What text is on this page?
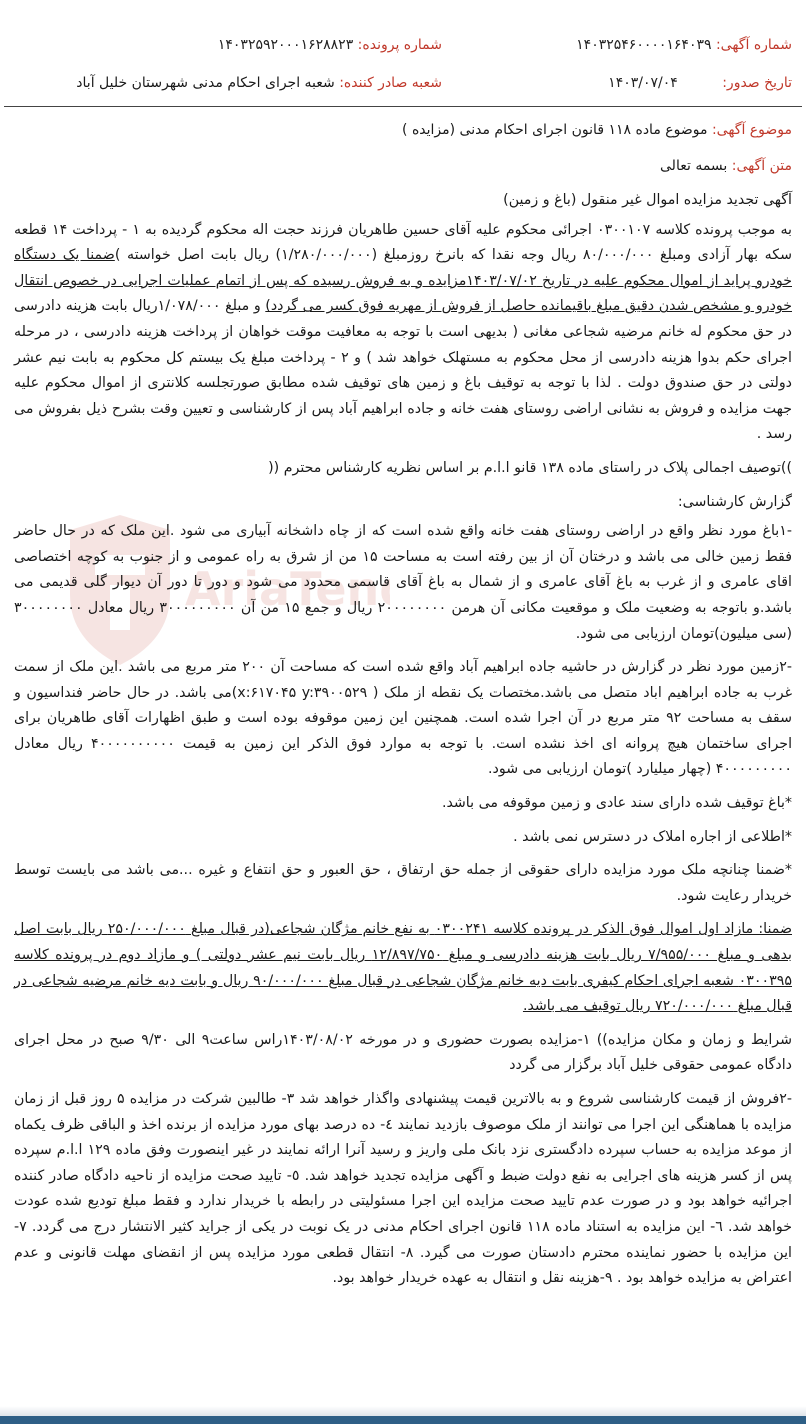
شماره آگهی: ۱۴۰۳۲۵۴۶۰۰۰۰۱۶۴۰۳۹
شماره پرونده: ۱۴۰۳۲۵۹۲۰۰۰۱۶۲۸۸۲۳
تاریخ صدور: ۱۴۰۳/۰۷/۰۴
شعبه صادر کننده: شعبه اجرای احکام مدنی شهرستان خلیل آباد
موضوع آگهی: موضوع ماده ۱۱۸ قانون اجرای احکام مدنی (مزایده )
متن آگهی: بسمه تعالی
AriaTen

آگهی تجدید مزایده اموال غیر منقول (باغ و زمین)

به موجب پرونده کلاسه ۰۳۰۰۱۰۷ اجرائی محکوم علیه آقای حسین طاهریان فرزند حجت اله محکوم گردیده به ۱ - پرداخت ۱۴ قطعه سکه بهار آزادی ومبلغ ۸۰/۰۰۰/۰۰۰ ریال وجه نقدا که بانرخ روزمبلغ (۱/۲۸۰/۰۰۰/۰۰۰) ریال بابت اصل خواسته )ضمنا یک دستگاه خودرو پراید از اموال محکوم علیه در تاریخ ۱۴۰۳/۰۷/۰۲مزایده و به فروش رسیده که پس از اتمام عملیات اجرایی در خصوص انتقال خودرو و مشخص شدن دقیق مبلغ باقیمانده حاصل از فروش از مهریه فوق کسر می گردد) و مبلغ ۱/۰۷۸/۰۰۰ریال بابت هزینه دادرسی در حق محکوم له خانم مرضیه شجاعی مغانی ( بدیهی است با توجه به معافیت موقت خواهان از پرداخت هزینه دادرسی ، در مرحله اجرای حکم بدوا هزینه دادرسی از محل محکوم به مستهلک خواهد شد ) و ۲ - پرداخت مبلغ یک بیستم کل محکوم به بابت نیم عشر دولتی در حق صندوق دولت . لذا با توجه به توقیف باغ و زمین های توقیف شده مطابق صورتجلسه کلانتری از اموال محکوم علیه جهت مزایده و فروش به نشانی اراضی روستای هفت خانه و جاده ابراهیم آباد پس از کارشناسی و تعیین وقت بشرح ذیل بفروش می رسد .

))توصیف اجمالی پلاک در راستای ماده ۱۳۸ قانو ا.ا.م بر اساس نظریه کارشناس محترم ((

گزارش کارشناسی:

-۱باغ مورد نظر واقع در اراضی روستای هفت خانه واقع شده است که از چاه داشخانه آبیاری می شود .این ملک که در حال حاضر فقط زمین خالی می باشد و درختان آن از بین رفته است به مساحت ۱۵ من از شرق به راه عمومی و از جنوب به کوچه اختصاصی اقای عامری و از غرب به باغ آقای عامری و از شمال به باغ آقای قاسمی محدود می شود و دور تا دور آن دیوار گلی قدیمی می باشد.و باتوجه به وضعیت ملک و موقعیت مکانی آن هرمن ۲۰۰۰۰۰۰۰۰ ریال و جمع ۱۵ من آن ۳۰۰۰۰۰۰۰۰۰ ریال معادل ۳۰۰۰۰۰۰۰۰ (سی میلیون)تومان ارزیابی می شود.

-۲زمین مورد نظر در گزارش در حاشیه جاده ابراهیم آباد واقع شده است که مساحت آن ۲۰۰ متر مربع می باشد .این ملک از سمت غرب به جاده ابراهیم اباد متصل می باشد.مختصات یک نقطه از ملک ( x:۶۱۷۰۴۵ y:۳۹۰۰۵۲۹)می باشد. در حال حاضر فنداسیون و سقف به مساحت ۹۲ متر مربع در آن اجرا شده است. همچنین این زمین موقوفه بوده است و طبق اظهارات آقای طاهریان برای اجرای ساختمان هیچ پروانه ای اخذ نشده است. با توجه به موارد فوق الذکر این زمین به قیمت ۴۰۰۰۰۰۰۰۰۰۰ ریال معادل ۴۰۰۰۰۰۰۰۰۰ (چهار میلیارد )تومان ارزیابی می شود.

*باغ توقیف شده دارای سند عادی و زمین موقوفه می باشد.

*اطلاعی از اجاره املاک در دسترس نمی باشد .

*ضمنا چنانچه ملک مورد مزایده دارای حقوقی از جمله حق ارتفاق ، حق العبور و حق انتفاع و غیره ...می باشد می بایست توسط خریدار رعایت شود.

ضمنا: مازاد اول اموال فوق الذکر در پرونده کلاسه ۰۳۰۰۲۴۱ به نفع خانم مژگان شجاعی(در قبال مبلغ ۲۵۰/۰۰۰/۰۰۰ ریال بابت اصل بدهی و مبلغ ۷/۹۵۵/۰۰۰ ریال بابت هزینه دادرسی و مبلغ ۱۲/۸۹۷/۷۵۰ ریال بابت نیم عشر دولتی ) و مازاد دوم در پرونده کلاسه ۰۳۰۰۳۹۵ شعبه اجرای احکام کیفری بابت دیه خانم مژگان شجاعی در قبال مبلغ ۹۰/۰۰۰/۰۰۰ ریال و بابت دیه خانم مرضیه شجاعی در قبال مبلغ ۷۲۰/۰۰۰/۰۰۰ ریال توقیف می باشد.

شرایط و زمان و مکان مزایده)) ۱-مزایده بصورت حضوری و در مورخه ۱۴۰۳/۰۸/۰۲راس ساعت۹ الی ۹/۳۰ صبح در محل اجرای دادگاه عمومی حقوقی خلیل آباد برگزار می گردد

-۲فروش از قیمت کارشناسی شروع و به بالاترین قیمت پیشنهادی واگذار خواهد شد ۳- طالبین شرکت در مزایده ۵ روز قبل از زمان مزایده با هماهنگی این اجرا می توانند از ملک موصوف بازدید نمایند ٤- ده درصد بهای مورد مزایده از برنده اخذ و الباقی ظرف یکماه از موعد مزایده به حساب سپرده دادگستری نزد بانک ملی واریز و رسید آنرا ارائه نمایند در غیر اینصورت وفق ماده ۱۲۹ ا.ا.م سپرده پس از کسر هزینه های اجرایی به نفع دولت ضبط و آگهی مزایده تجدید خواهد شد. ٥- تایید صحت مزایده از ناحیه دادگاه صادر کننده اجرائیه خواهد بود و در صورت عدم تایید صحت مزایده این اجرا مسئولیتی در رابطه با خریدار ندارد و فقط مبلغ تودیع شده عودت خواهد شد. ٦- این مزایده به استناد ماده ۱۱۸ قانون اجرای احکام مدنی در یک نوبت در یکی از جراید کثیر الانتشار درج می گردد. ۷- این مزایده با حضور نماینده محترم دادستان صورت می گیرد. ۸- انتقال قطعی مورد مزایده پس از انقضای مهلت قانونی و عدم اعتراض به مزایده خواهد بود . ۹-هزینه نقل و انتقال به عهده خریدار خواهد بود.
